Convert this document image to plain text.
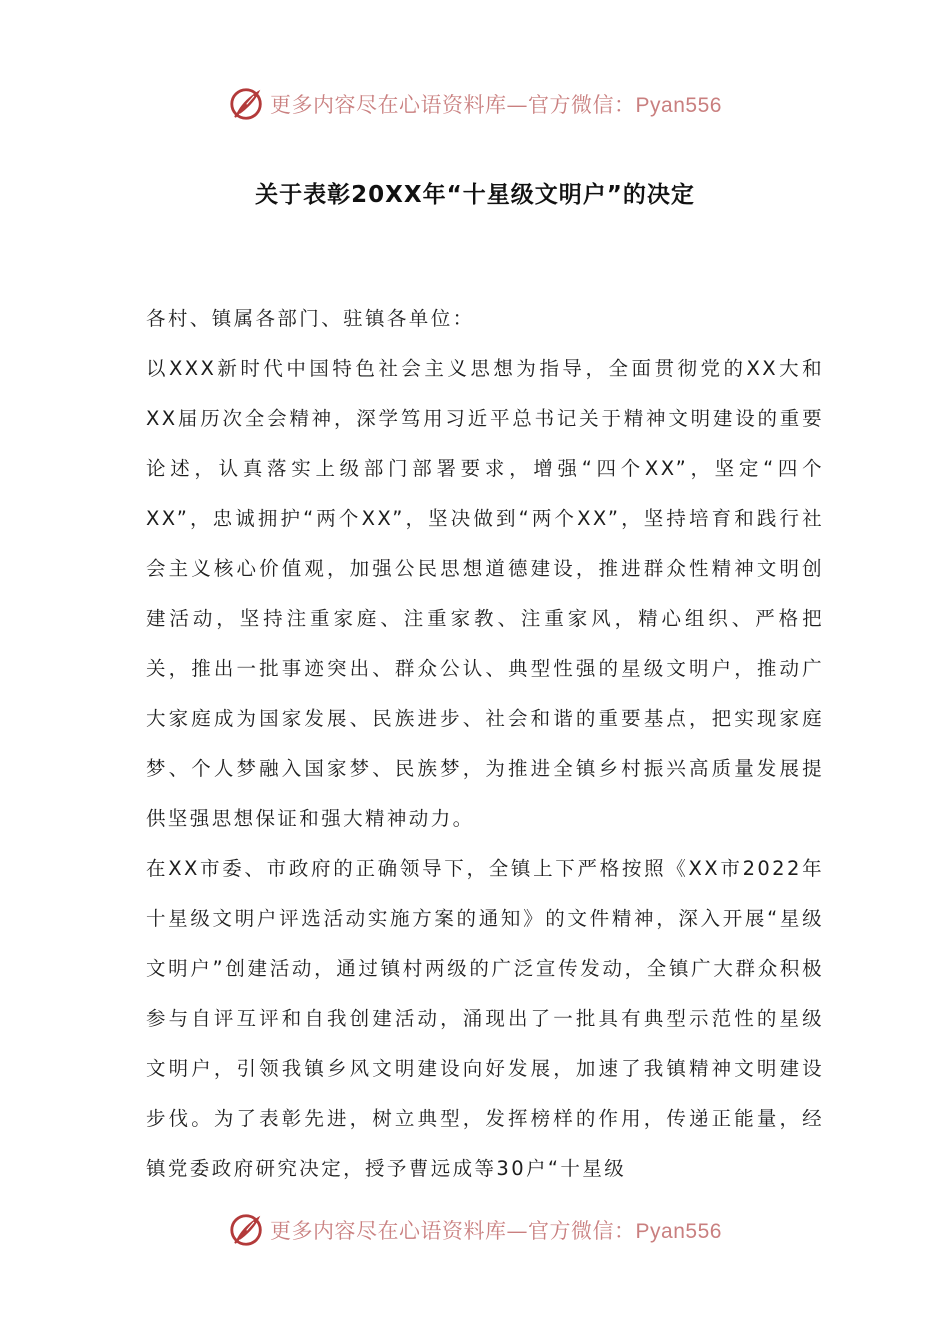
更多内容尽在心语资料库—官方微信：Pyan556
关于表彰20XX年“十星级文明户”的决定

各村、镇属各部门、驻镇各单位：

以XXX新时代中国特色社会主义思想为指导，全面贯彻党的XX大和XX届历次全会精神，深学笃用习近平总书记关于精神文明建设的重要论述，认真落实上级部门部署要求，增强“四个XX”，坚定“四个XX”，忠诚拥护“两个XX”，坚决做到“两个XX”，坚持培育和践行社会主义核心价值观，加强公民思想道德建设，推进群众性精神文明创建活动，坚持注重家庭、注重家教、注重家风，精心组织、严格把关，推出一批事迹突出、群众公认、典型性强的星级文明户，推动广大家庭成为国家发展、民族进步、社会和谐的重要基点，把实现家庭梦、个人梦融入国家梦、民族梦，为推进全镇乡村振兴高质量发展提供坚强思想保证和强大精神动力。

在XX市委、市政府的正确领导下，全镇上下严格按照《XX市2022年十星级文明户评选活动实施方案的通知》的文件精神，深入开展“星级文明户”创建活动，通过镇村两级的广泛宣传发动，全镇广大群众积极参与自评互评和自我创建活动，涌现出了一批具有典型示范性的星级文明户，引领我镇乡风文明建设向好发展，加速了我镇精神文明建设步伐。为了表彰先进，树立典型，发挥榜样的作用，传递正能量，经镇党委政府研究决定，授予曹远成等30户“十星级

更多内容尽在心语资料库—官方微信：Pyan556
